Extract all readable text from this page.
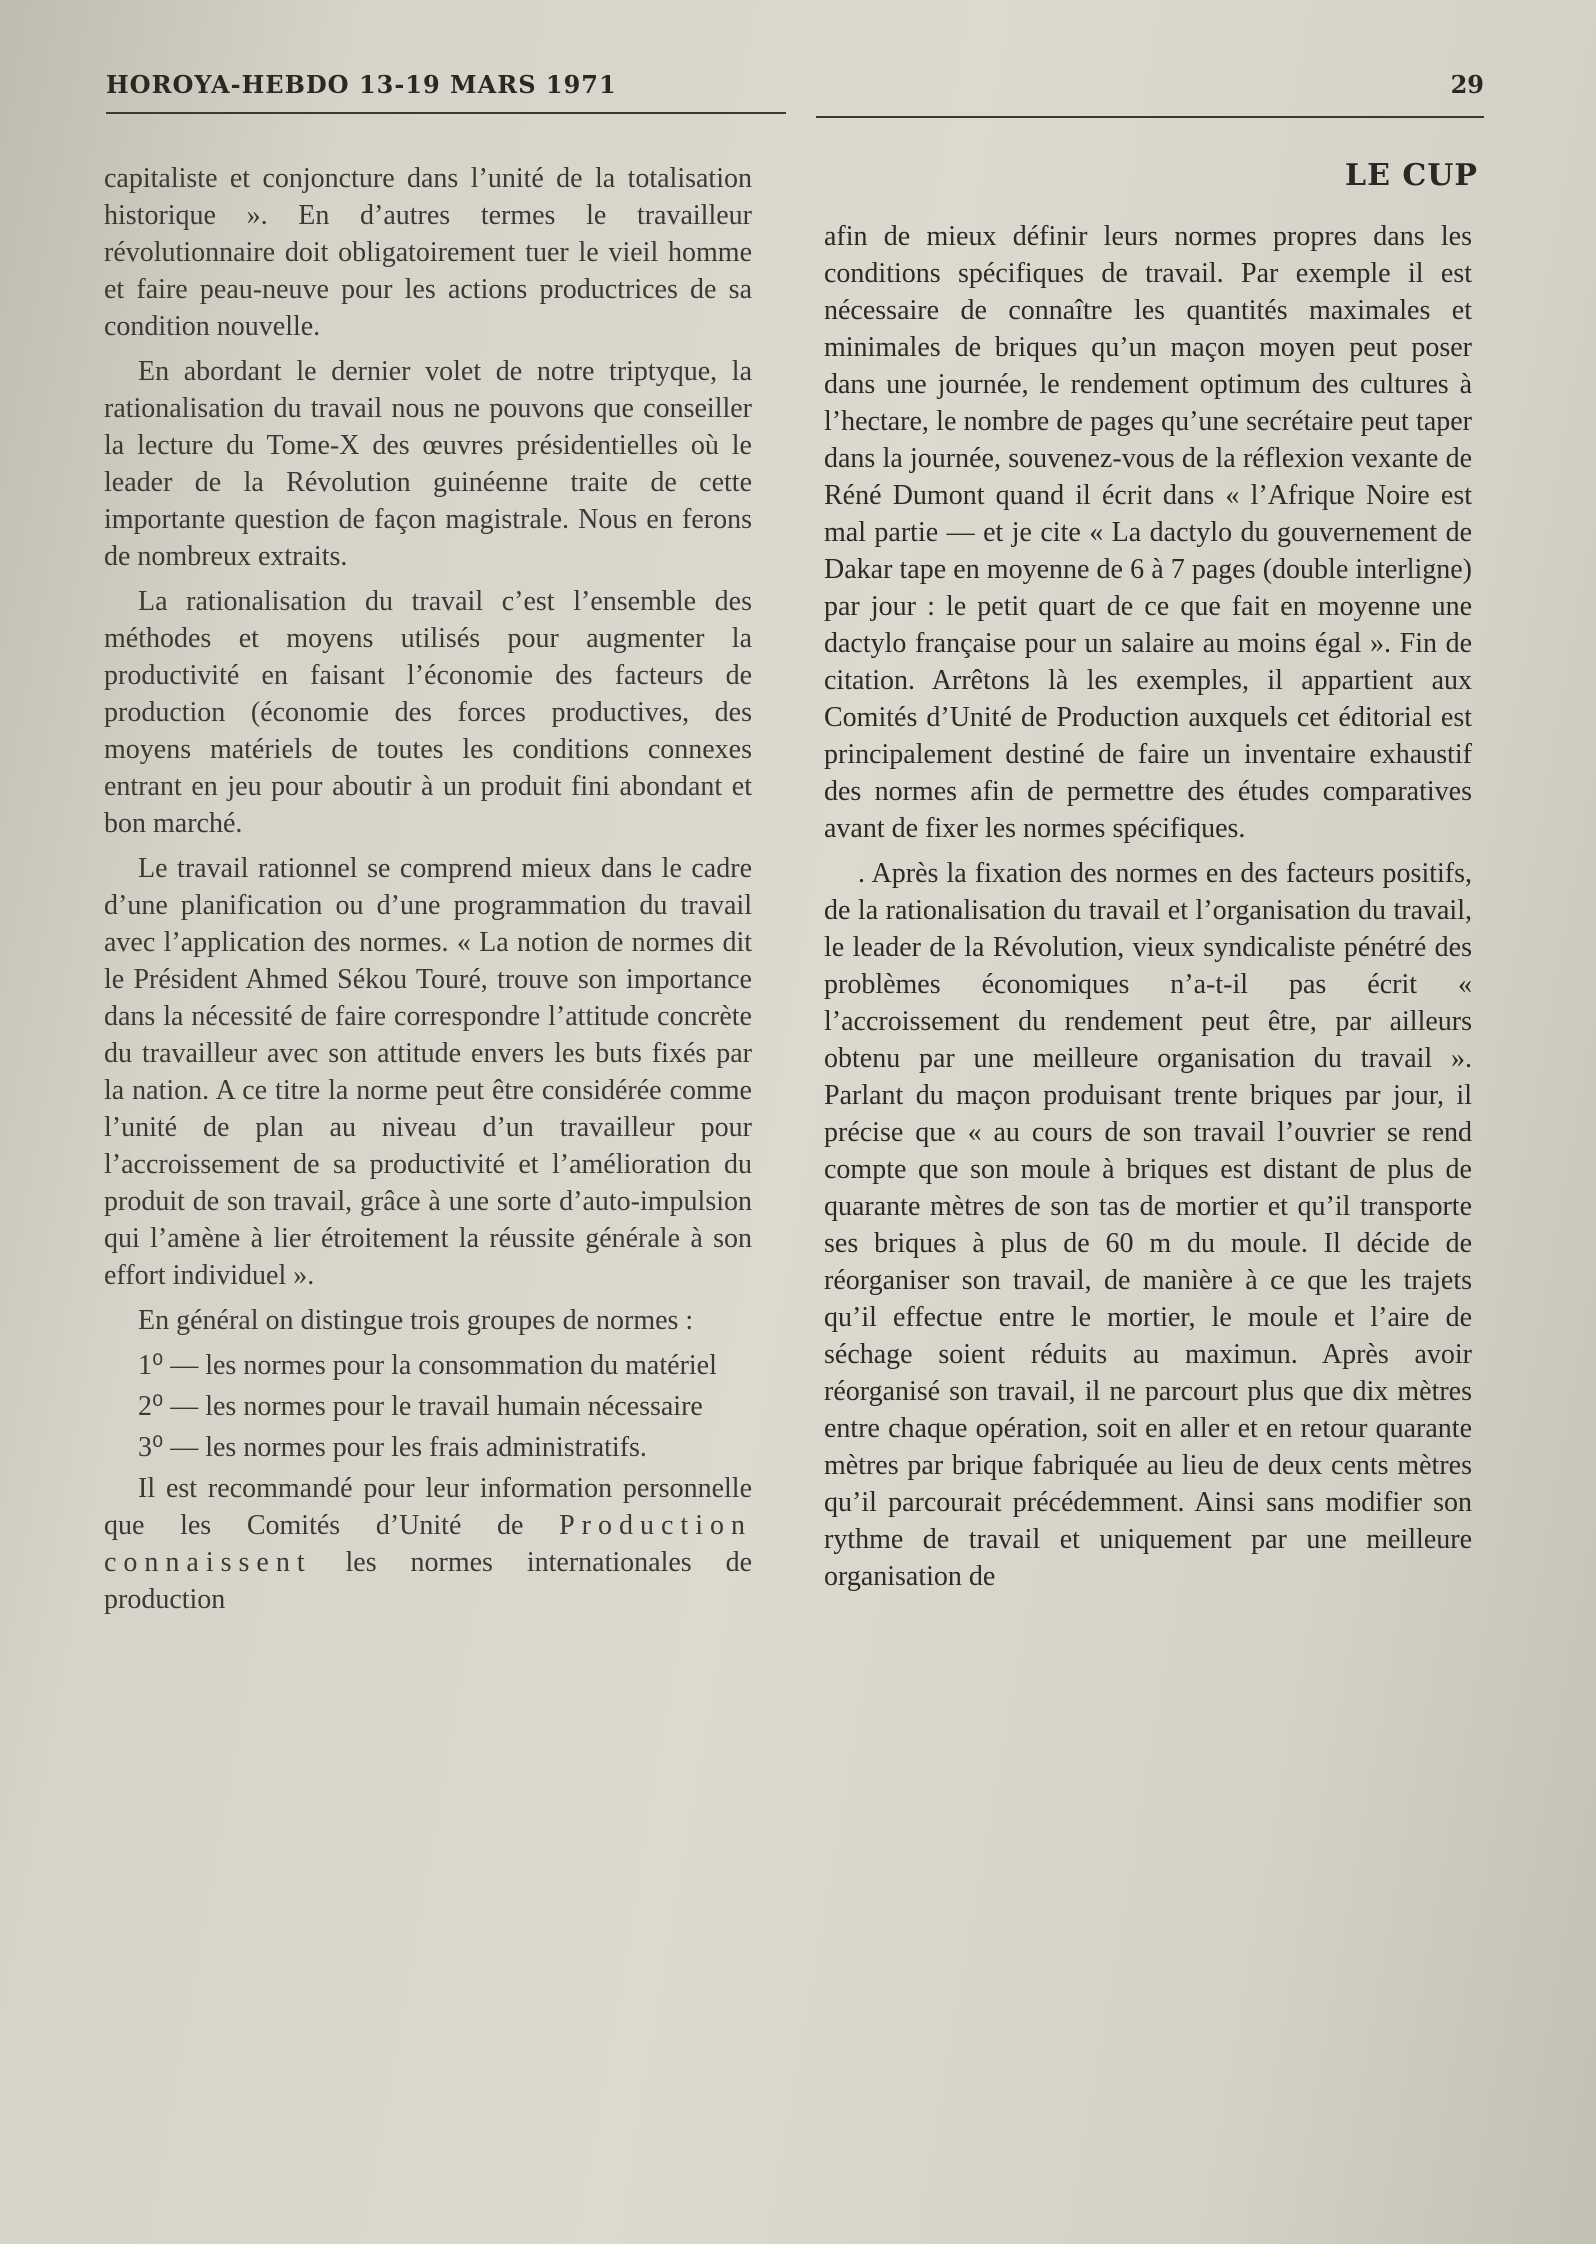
HOROYA-HEBDO 13-19 MARS 1971	29
LE CUP

capitaliste et conjoncture dans l’unité de la totalisation historique ». En d’autres termes le travailleur révolutionnaire doit obligatoirement tuer le vieil homme et faire peau-neuve pour les actions productrices de sa condition nouvelle.

En abordant le dernier volet de notre triptyque, la rationalisation du travail nous ne pouvons que conseiller la lecture du Tome-X des œuvres présidentielles où le leader de la Révolution guinéenne traite de cette importante question de façon magistrale. Nous en ferons de nombreux extraits.

La rationalisation du travail c’est l’ensemble des méthodes et moyens utilisés pour augmenter la productivité en faisant l’économie des facteurs de production (économie des forces productives, des moyens matériels de toutes les conditions connexes entrant en jeu pour aboutir à un produit fini abondant et bon marché.

Le travail rationnel se comprend mieux dans le cadre d’une planification ou d’une programmation du travail avec l’application des normes. « La notion de normes dit le Président Ahmed Sékou Touré, trouve son importance dans la nécessité de faire correspondre l’attitude concrète du travailleur avec son attitude envers les buts fixés par la nation. A ce titre la norme peut être considérée comme l’unité de plan au niveau d’un travailleur pour l’accroissement de sa productivité et l’amélioration du produit de son travail, grâce à une sorte d’auto-impulsion qui l’amène à lier étroitement la réussite générale à son effort individuel ».

En général on distingue trois groupes de normes :

1⁰ — les normes pour la consommation du matériel

2⁰ — les normes pour le travail humain nécessaire

3⁰ — les normes pour les frais administratifs.

Il est recommandé pour leur information personnelle que les Comités d’Unité de Production connaissent les normes internationales de production

afin de mieux définir leurs normes propres dans les conditions spécifiques de travail. Par exemple il est nécessaire de connaître les quantités maximales et minimales de briques qu’un maçon moyen peut poser dans une journée, le rendement optimum des cultures à l’hectare, le nombre de pages qu’une secrétaire peut taper dans la journée, souvenez-vous de la réflexion vexante de Réné Dumont quand il écrit dans « l’Afrique Noire est mal partie — et je cite « La dactylo du gouvernement de Dakar tape en moyenne de 6 à 7 pages (double interligne) par jour : le petit quart de ce que fait en moyenne une dactylo française pour un salaire au moins égal ». Fin de citation. Arrêtons là les exemples, il appartient aux Comités d’Unité de Production auxquels cet éditorial est principalement destiné de faire un inventaire exhaustif des normes afin de permettre des études comparatives avant de fixer les normes spécifiques.

. Après la fixation des normes en des facteurs positifs, de la rationalisation du travail et l’organisation du travail, le leader de la Révolution, vieux syndicaliste pénétré des problèmes économiques n’a-t-il pas écrit « l’accroissement du rendement peut être, par ailleurs obtenu par une meilleure organisation du travail ». Parlant du maçon produisant trente briques par jour, il précise que « au cours de son travail l’ouvrier se rend compte que son moule à briques est distant de plus de quarante mètres de son tas de mortier et qu’il transporte ses briques à plus de 60 m du moule. Il décide de réorganiser son travail, de manière à ce que les trajets qu’il effectue entre le mortier, le moule et l’aire de séchage soient réduits au maximun. Après avoir réorganisé son travail, il ne parcourt plus que dix mètres entre chaque opération, soit en aller et en retour quarante mètres par brique fabriquée au lieu de deux cents mètres qu’il parcourait précédemment. Ainsi sans modifier son rythme de travail et uniquement par une meilleure organisation de
